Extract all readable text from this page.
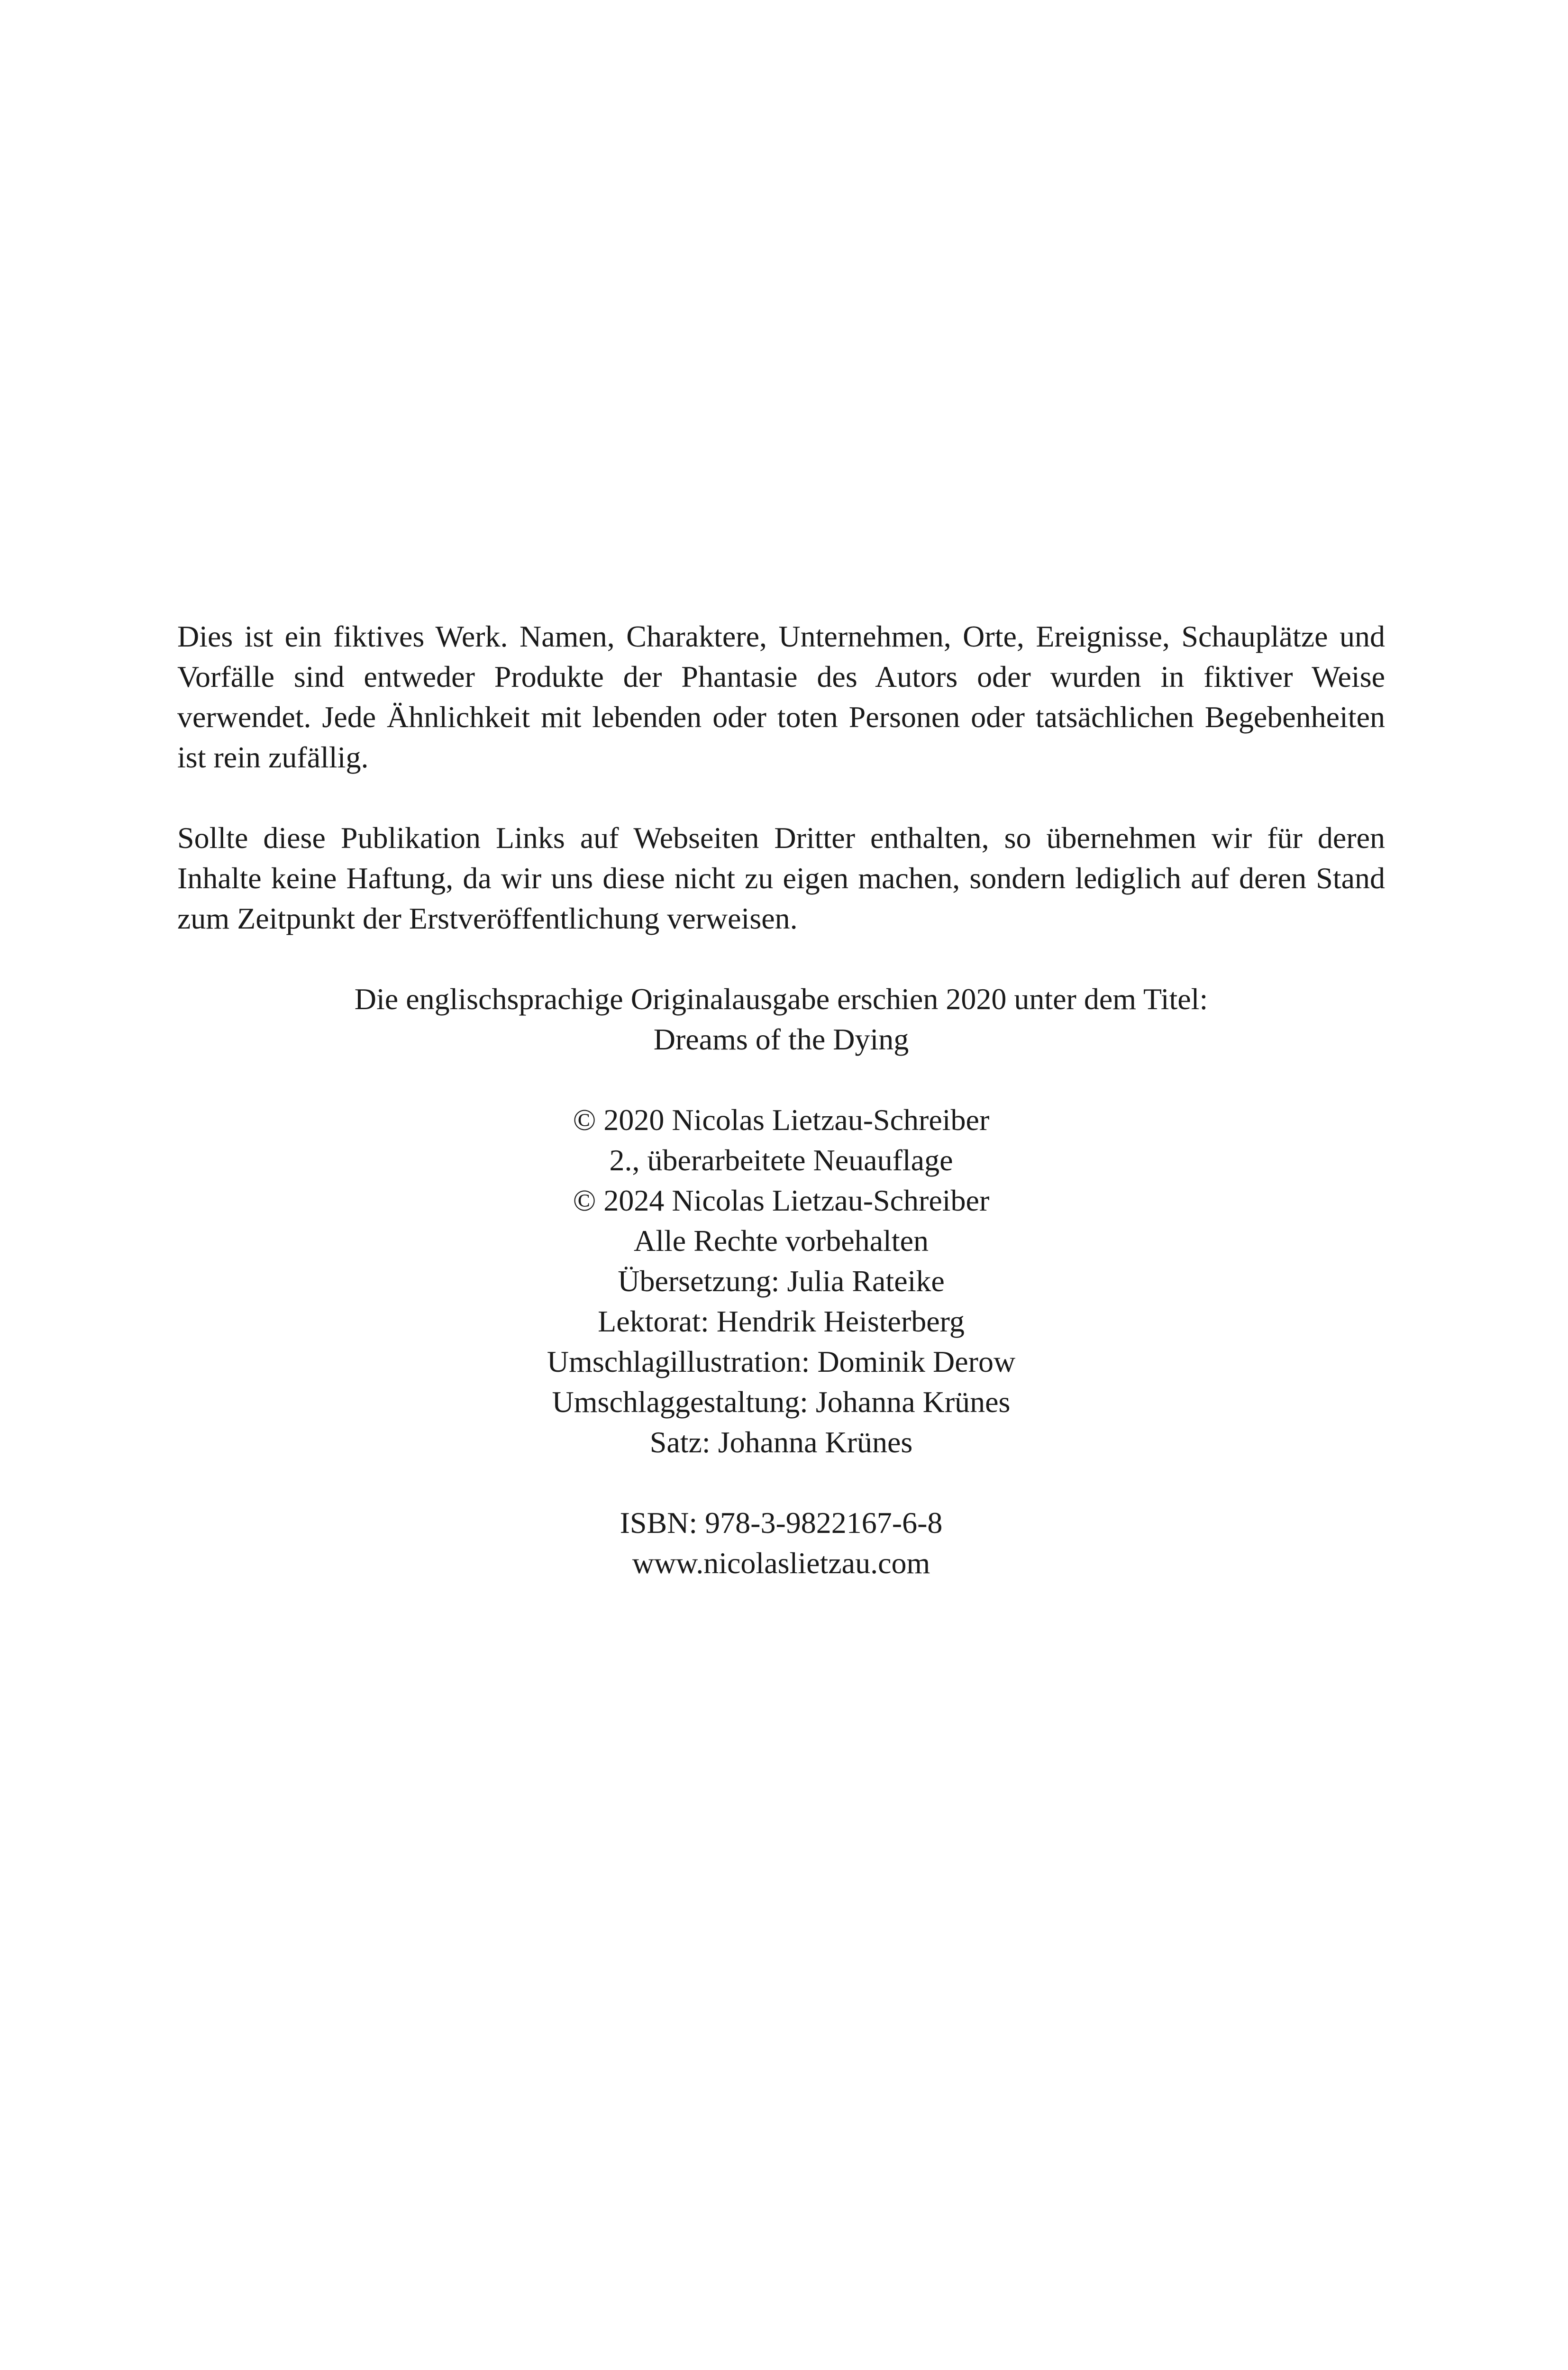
Dies ist ein fiktives Werk. Namen, Charaktere, Unternehmen, Orte, Ereignisse, Schauplätze und Vorfälle sind entweder Produkte der Phantasie des Autors oder wurden in fiktiver Weise verwendet. Jede Ähnlichkeit mit lebenden oder toten Personen oder tatsächlichen Begebenheiten ist rein zufällig.

Sollte diese Publikation Links auf Webseiten Dritter enthalten, so übernehmen wir für deren Inhalte keine Haftung, da wir uns diese nicht zu eigen machen, sondern lediglich auf deren Stand zum Zeitpunkt der Erstveröffentlichung verweisen.

Die englischsprachige Originalausgabe erschien 2020 unter dem Titel:
Dreams of the Dying
© 2020 Nicolas Lietzau-Schreiber
2., überarbeitete Neuauflage
© 2024 Nicolas Lietzau-Schreiber
Alle Rechte vorbehalten
Übersetzung: Julia Rateike
Lektorat: Hendrik Heisterberg
Umschlagillustration: Dominik Derow
Umschlaggestaltung: Johanna Krünes
Satz: Johanna Krünes
ISBN: 978-3-9822167-6-8
www.nicolaslietzau.com
